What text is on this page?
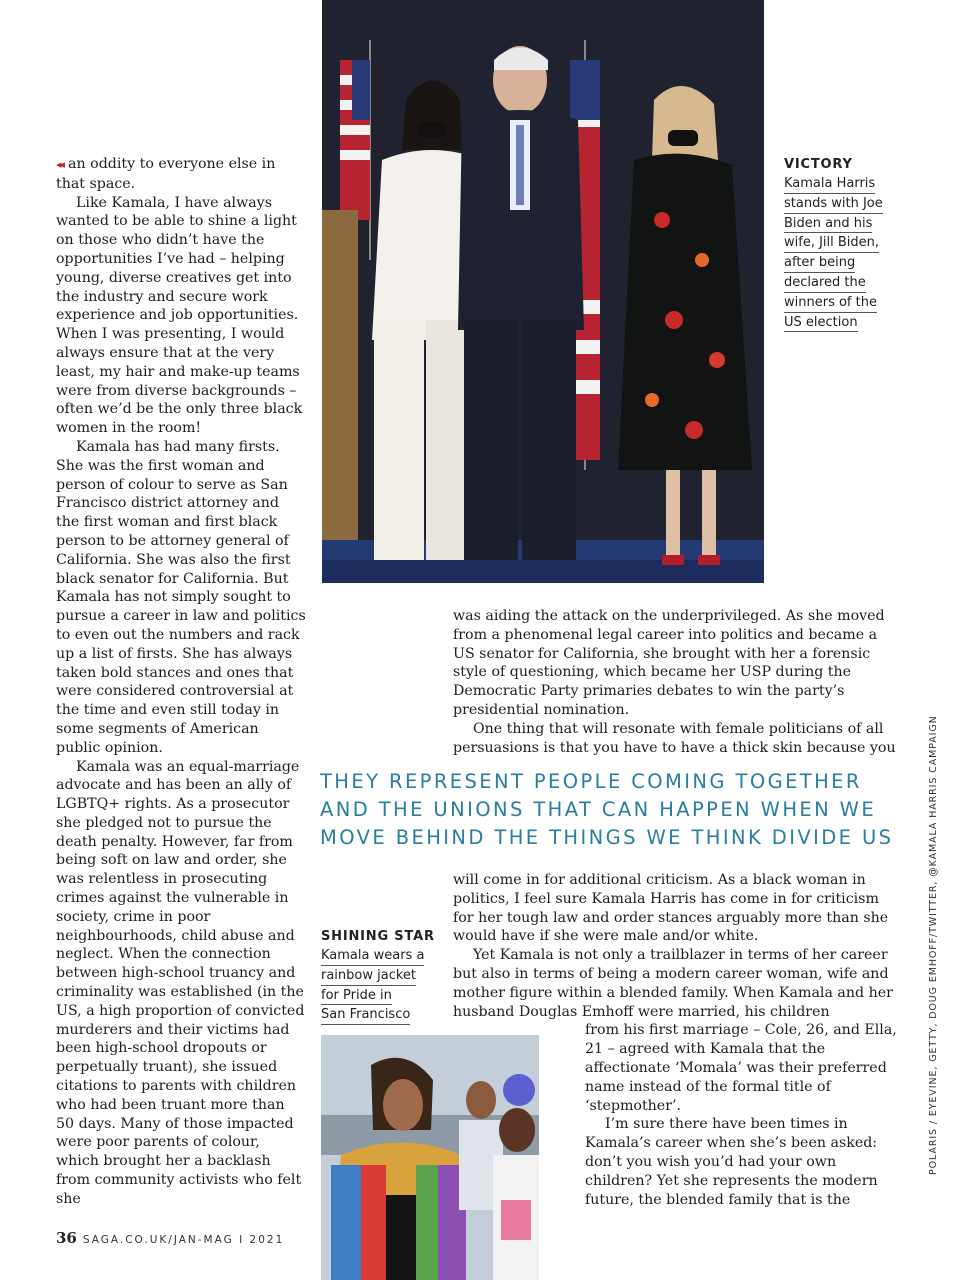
VICTORY
Kamala Harris
stands with Joe
Biden and his
wife, Jill Biden,
after being
declared the
winners of the
US election

◂◂ an oddity to everyone else in that space.

Like Kamala, I have always wanted to be able to shine a light on those who didn’t have the opportunities I’ve had – helping young, diverse creatives get into the industry and secure work experience and job opportunities. When I was presenting, I would always ensure that at the very least, my hair and make-up teams were from diverse backgrounds – often we’d be the only three black women in the room!

Kamala has had many firsts. She was the first woman and person of colour to serve as San Francisco district attorney and the first woman and first black person to be attorney general of California. She was also the first black senator for California. But Kamala has not simply sought to pursue a career in law and politics to even out the numbers and rack up a list of firsts. She has always taken bold stances and ones that were considered controversial at the time and even still today in some segments of American public opinion.

Kamala was an equal-marriage advocate and has been an ally of LGBTQ+ rights. As a prosecutor she pledged not to pursue the death penalty. However, far from being soft on law and order, she was relentless in prosecuting crimes against the vulnerable in society, crime in poor neighbourhoods, child abuse and neglect. When the connection between high-school truancy and criminality was established (in the US, a high proportion of convicted murderers and their victims had been high-school dropouts or perpetually truant), she issued citations to parents with children who had been truant more than 50 days. Many of those impacted were poor parents of colour, which brought her a backlash from community activists who felt she

was aiding the attack on the underprivileged. As she moved from a phenomenal legal career into politics and became a US senator for California, she brought with her a forensic style of questioning, which became her USP during the Democratic Party primaries debates to win the party’s presidential nomination.

One thing that will resonate with female politicians of all persuasions is that you have to have a thick skin because you

THEY REPRESENT PEOPLE COMING TOGETHER AND THE UNIONS THAT CAN HAPPEN WHEN WE MOVE BEHIND THE THINGS WE THINK DIVIDE US

will come in for additional criticism. As a black woman in politics, I feel sure Kamala Harris has come in for criticism for her tough law and order stances arguably more than she would have if she were male and/or white.

Yet Kamala is not only a trailblazer in terms of her career but also in terms of being a modern career woman, wife and mother figure within a blended family. When Kamala and her husband Douglas Emhoff were married, his children

from his first marriage – Cole, 26, and Ella, 21 – agreed with Kamala that the affectionate ‘Momala’ was their preferred name instead of the formal title of ‘stepmother’.

I’m sure there have been times in Kamala’s career when she’s been asked: don’t you wish you’d had your own children? Yet she represents the modern future, the blended family that is the

SHINING STAR
Kamala wears a
rainbow jacket
for Pride in
San Francisco
36 SAGA.CO.UK/JAN-MAG I 2021
POLARIS / EYEVINE, GETTY, DOUG EMHOFF/TWITTER, @KAMALA HARRIS CAMPAIGN
